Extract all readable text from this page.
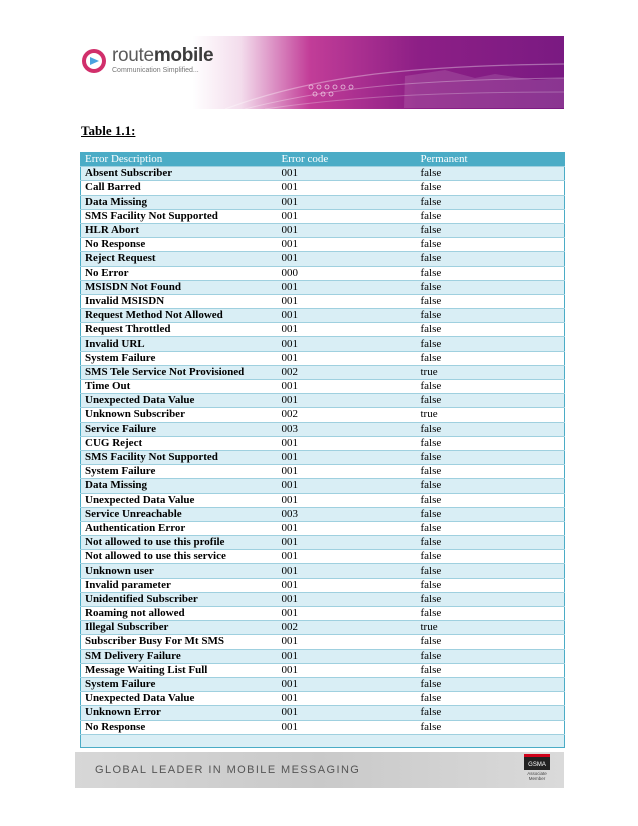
routemobile
Communication Simplified...
Table 1.1:
Error Description	Error code	Permanent
Absent Subscriber	001	false
Call Barred	001	false
Data Missing	001	false
SMS Facility Not Supported	001	false
HLR Abort	001	false
No Response	001	false
Reject Request	001	false
No Error	000	false
MSISDN Not Found	001	false
Invalid MSISDN	001	false
Request Method Not Allowed	001	false
Request Throttled	001	false
Invalid URL	001	false
System Failure	001	false
SMS Tele Service Not Provisioned	002	true
Time Out	001	false
Unexpected Data Value	001	false
Unknown Subscriber	002	true
Service Failure	003	false
CUG Reject	001	false
SMS Facility Not Supported	001	false
System Failure	001	false
Data Missing	001	false
Unexpected Data Value	001	false
Service Unreachable	003	false
Authentication Error	001	false
Not allowed to use this profile	001	false
Not allowed to use this service	001	false
Unknown user	001	false
Invalid parameter	001	false
Unidentified Subscriber	001	false
Roaming not allowed	001	false
Illegal Subscriber	002	true
Subscriber Busy For Mt SMS	001	false
SM Delivery Failure	001	false
Message Waiting List Full	001	false
System Failure	001	false
Unexpected Data Value	001	false
Unknown Error	001	false
No Response	001	false

GLOBAL LEADER IN MOBILE MESSAGING	GSMA
Associate
Member
